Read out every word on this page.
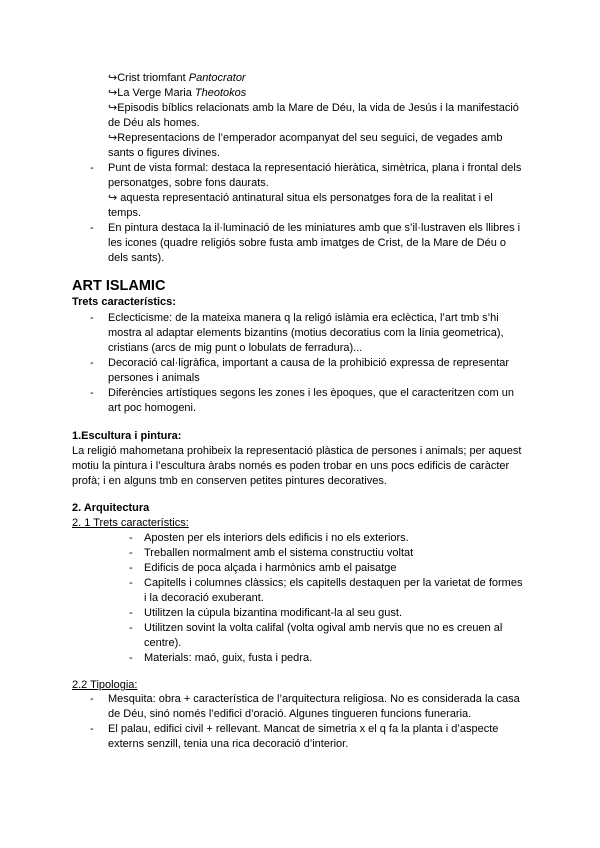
↪Crist triomfant Pantocrator
↪La Verge Maria Theotokos
↪Episodis bíblics relacionats amb la Mare de Déu, la vida de Jesús i la manifestació
de Déu als homes.
↪Representacions de l’emperador acompanyat del seu seguici, de vegades amb
sants o figures divines.
- Punt de vista formal: destaca la representació hieràtica, simètrica, plana i frontal dels
personatges, sobre fons daurats.
↪ aquesta representació antinatural situa els personatges fora de la realitat i el
temps.
- En pintura destaca la il·luminació de les miniatures amb que s’il·lustraven els llibres i
les icones (quadre religiós sobre fusta amb imatges de Crist, de la Mare de Déu o
dels sants).
ART ISLAMIC
Trets característics:
- Eclecticisme: de la mateixa manera q la religó islàmia era eclèctica, l’art tmb s’hi
mostra al adaptar elements bizantins (motius decoratius com la línia geometrica),
cristians (arcs de mig punt o lobulats de ferradura)...
- Decoració cal·ligràfica, important a causa de la prohibició expressa de representar
persones i animals
- Diferències artístiques segons les zones i les èpoques, que el caracteritzen com un
art poc homogeni.
1.Escultura i pintura:
La religió mahometana prohibeix la representació plàstica de persones i animals; per aquest
motiu la pintura i l’escultura àrabs només es poden trobar en uns pocs edificis de caràcter
profà; i en alguns tmb en conserven petites pintures decoratives.
2. Arquitectura
2. 1 Trets característics:
- Aposten per els interiors dels edificis i no els exteriors.
- Treballen normalment amb el sistema constructiu voltat
- Edificis de poca alçada i harmònics amb el paisatge
- Capitells i columnes clàssics; els capitells destaquen per la varietat de formes
i la decoració exuberant.
- Utilitzen la cúpula bizantina modificant-la al seu gust.
- Utilitzen sovint la volta califal (volta ogival amb nervis que no es creuen al
centre).
- Materials: maó, guix, fusta i pedra.
2.2 Tipologia:
- Mesquita: obra + característica de l’arquitectura religiosa. No es considerada la casa
de Déu, sinó només l’edifici d’oració. Algunes tingueren funcions funeraria.
- El palau, edifici civil + rellevant. Mancat de simetria x el q fa la planta i d’aspecte
externs senzill, tenia una rica decoració d’interior.
